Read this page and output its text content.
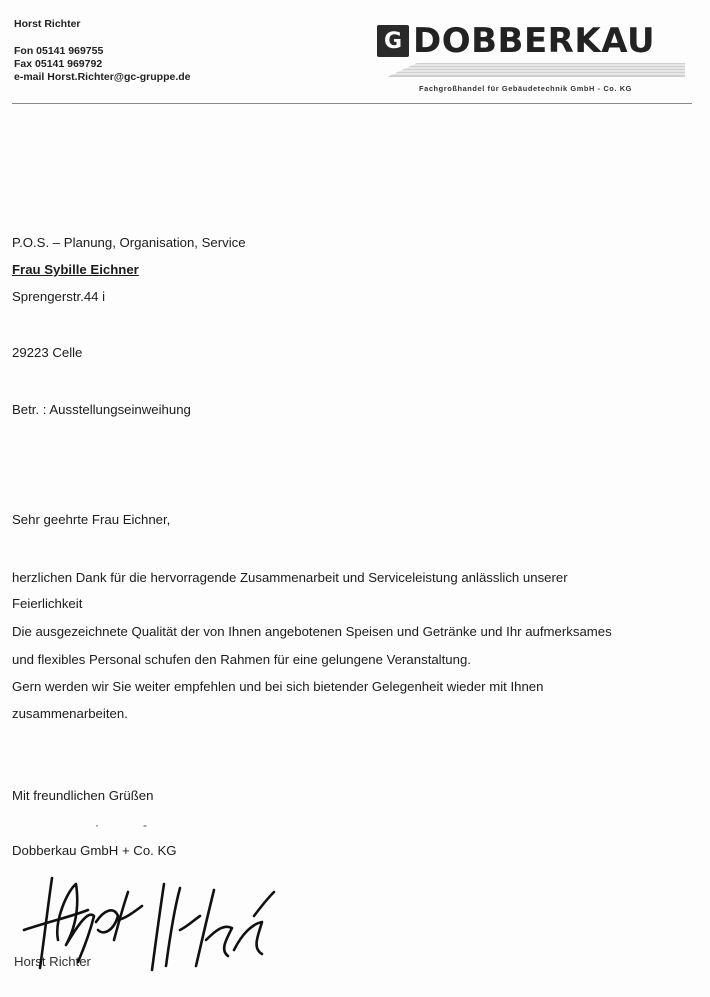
Horst Richter
Fon 05141 969755
Fax 05141 969792
e-mail Horst.Richter@gc-gruppe.de
G DOBBERKAU
Fachgroßhandel für Gebäudetechnik GmbH - Co. KG
P.O.S. – Planung, Organisation, Service
Frau Sybille Eichner
Sprengerstr.44 i
29223 Celle
Betr. : Ausstellungseinweihung
Sehr geehrte Frau Eichner,
herzlichen Dank für die hervorragende Zusammenarbeit und Serviceleistung anlässlich unserer
Feierlichkeit
Die ausgezeichnete Qualität der von Ihnen angebotenen Speisen und Getränke und Ihr aufmerksames
und flexibles Personal schufen den Rahmen für eine gelungene Veranstaltung.
Gern werden wir Sie weiter empfehlen und bei sich bietender Gelegenheit wieder mit Ihnen
zusammenarbeiten.
Mit freundlichen Grüßen
·	-
Dobberkau GmbH + Co. KG
Horst Richter
